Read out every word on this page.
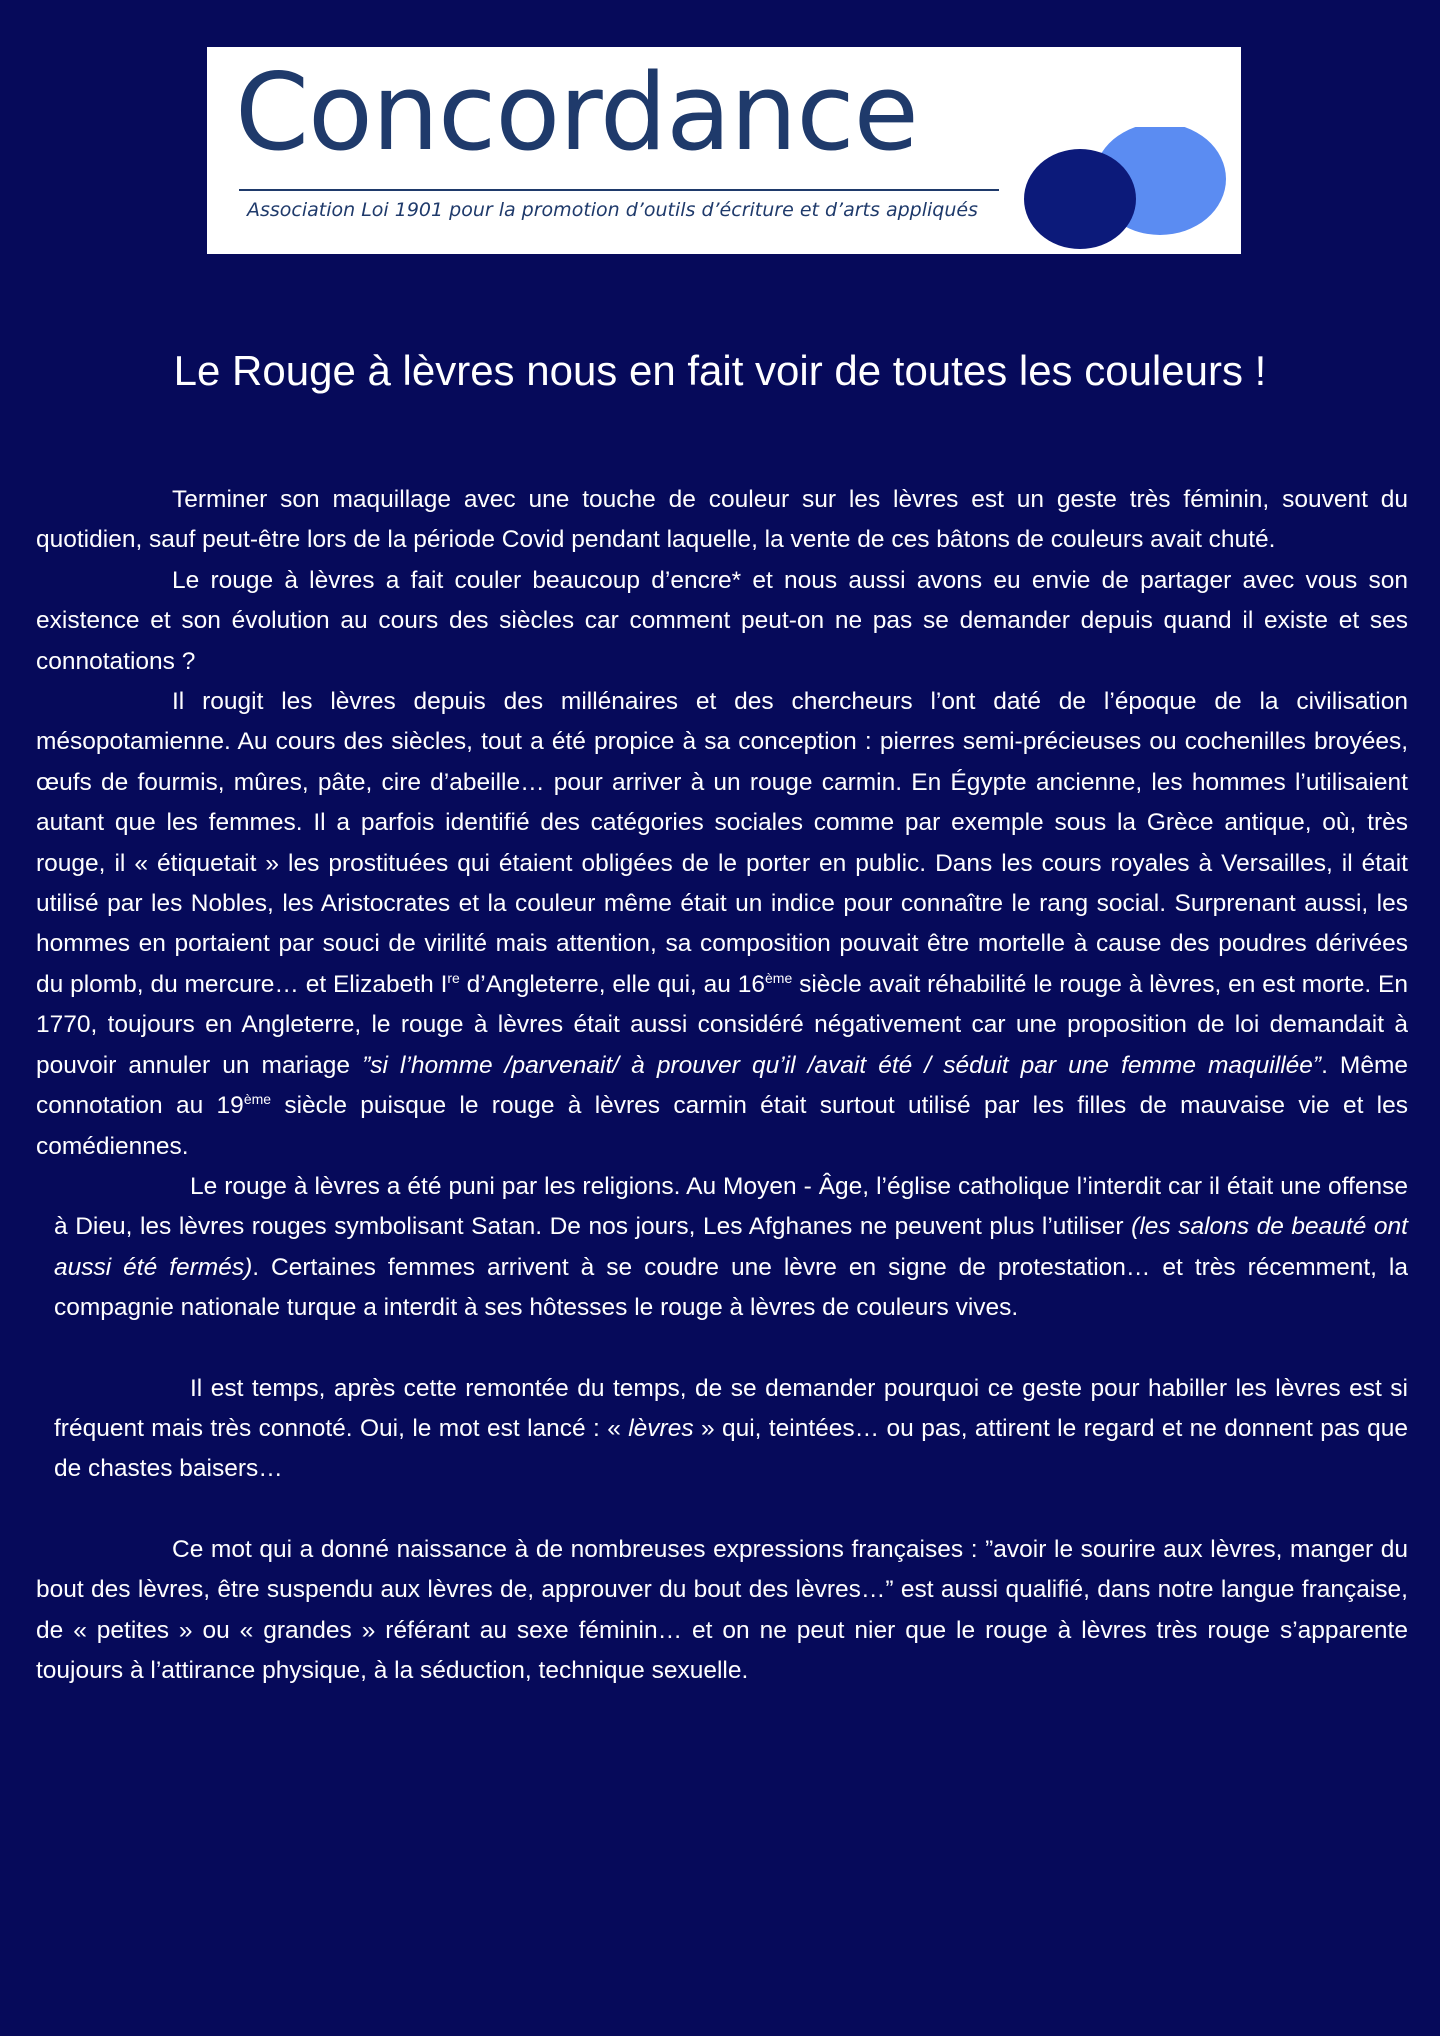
Concordance
Association Loi 1901 pour la promotion d’outils d’écriture et d’arts appliqués
Le Rouge à lèvres nous en fait voir de toutes les couleurs !

Terminer son maquillage avec une touche de couleur sur les lèvres est un geste très féminin, souvent du quotidien, sauf peut-être lors de la période Covid pendant laquelle, la vente de ces bâtons de couleurs avait chuté.

Le rouge à lèvres a fait couler beaucoup d’encre* et nous aussi avons eu envie de partager avec vous son existence et son évolution au cours des siècles car comment peut-on ne pas se demander depuis quand il existe et ses connotations ?

Il rougit les lèvres depuis des millénaires et des chercheurs l’ont daté de l’époque de la civilisation mésopotamienne. Au cours des siècles, tout a été propice à sa conception : pierres semi-précieuses ou cochenilles broyées, œufs de fourmis, mûres, pâte, cire d’abeille… pour arriver à un rouge carmin. En Égypte ancienne, les hommes l’utilisaient autant que les femmes. Il a parfois identifié des catégories sociales comme par exemple sous la Grèce antique, où, très rouge, il « étiquetait » les prostituées qui étaient obligées de le porter en public. Dans les cours royales à Versailles, il était utilisé par les Nobles, les Aristocrates et la couleur même était un indice pour connaître le rang social. Surprenant aussi, les hommes en portaient par souci de virilité mais attention, sa composition pouvait être mortelle à cause des poudres dérivées du plomb, du mercure… et Elizabeth Ire d’Angleterre, elle qui, au 16ème siècle avait réhabilité le rouge à lèvres, en est morte. En 1770, toujours en Angleterre, le rouge à lèvres était aussi considéré négativement car une proposition de loi demandait à pouvoir annuler un mariage ”si l’homme /parvenait/ à prouver qu’il /avait été / séduit par une femme maquillée”. Même connotation au 19ème siècle puisque le rouge à lèvres carmin était surtout utilisé par les filles de mauvaise vie et les comédiennes.

Le rouge à lèvres a été puni par les religions. Au Moyen - Âge, l’église catholique l’interdit car il était une offense à Dieu, les lèvres rouges symbolisant Satan. De nos jours, Les Afghanes ne peuvent plus l’utiliser (les salons de beauté ont aussi été fermés). Certaines femmes arrivent à se coudre une lèvre en signe de protestation… et très récemment, la compagnie nationale turque a interdit à ses hôtesses le rouge à lèvres de couleurs vives.

Il est temps, après cette remontée du temps, de se demander pourquoi ce geste pour habiller les lèvres est si fréquent mais très connoté. Oui, le mot est lancé : « lèvres » qui, teintées… ou pas, attirent le regard et ne donnent pas que de chastes baisers…

Ce mot qui a donné naissance à de nombreuses expressions françaises : ”avoir le sourire aux lèvres, manger du bout des lèvres, être suspendu aux lèvres de, approuver du bout des lèvres…” est aussi qualifié, dans notre langue française, de « petites » ou « grandes » référant au sexe féminin… et on ne peut nier que le rouge à lèvres très rouge s’apparente toujours à l’attirance physique, à la séduction, technique sexuelle.
